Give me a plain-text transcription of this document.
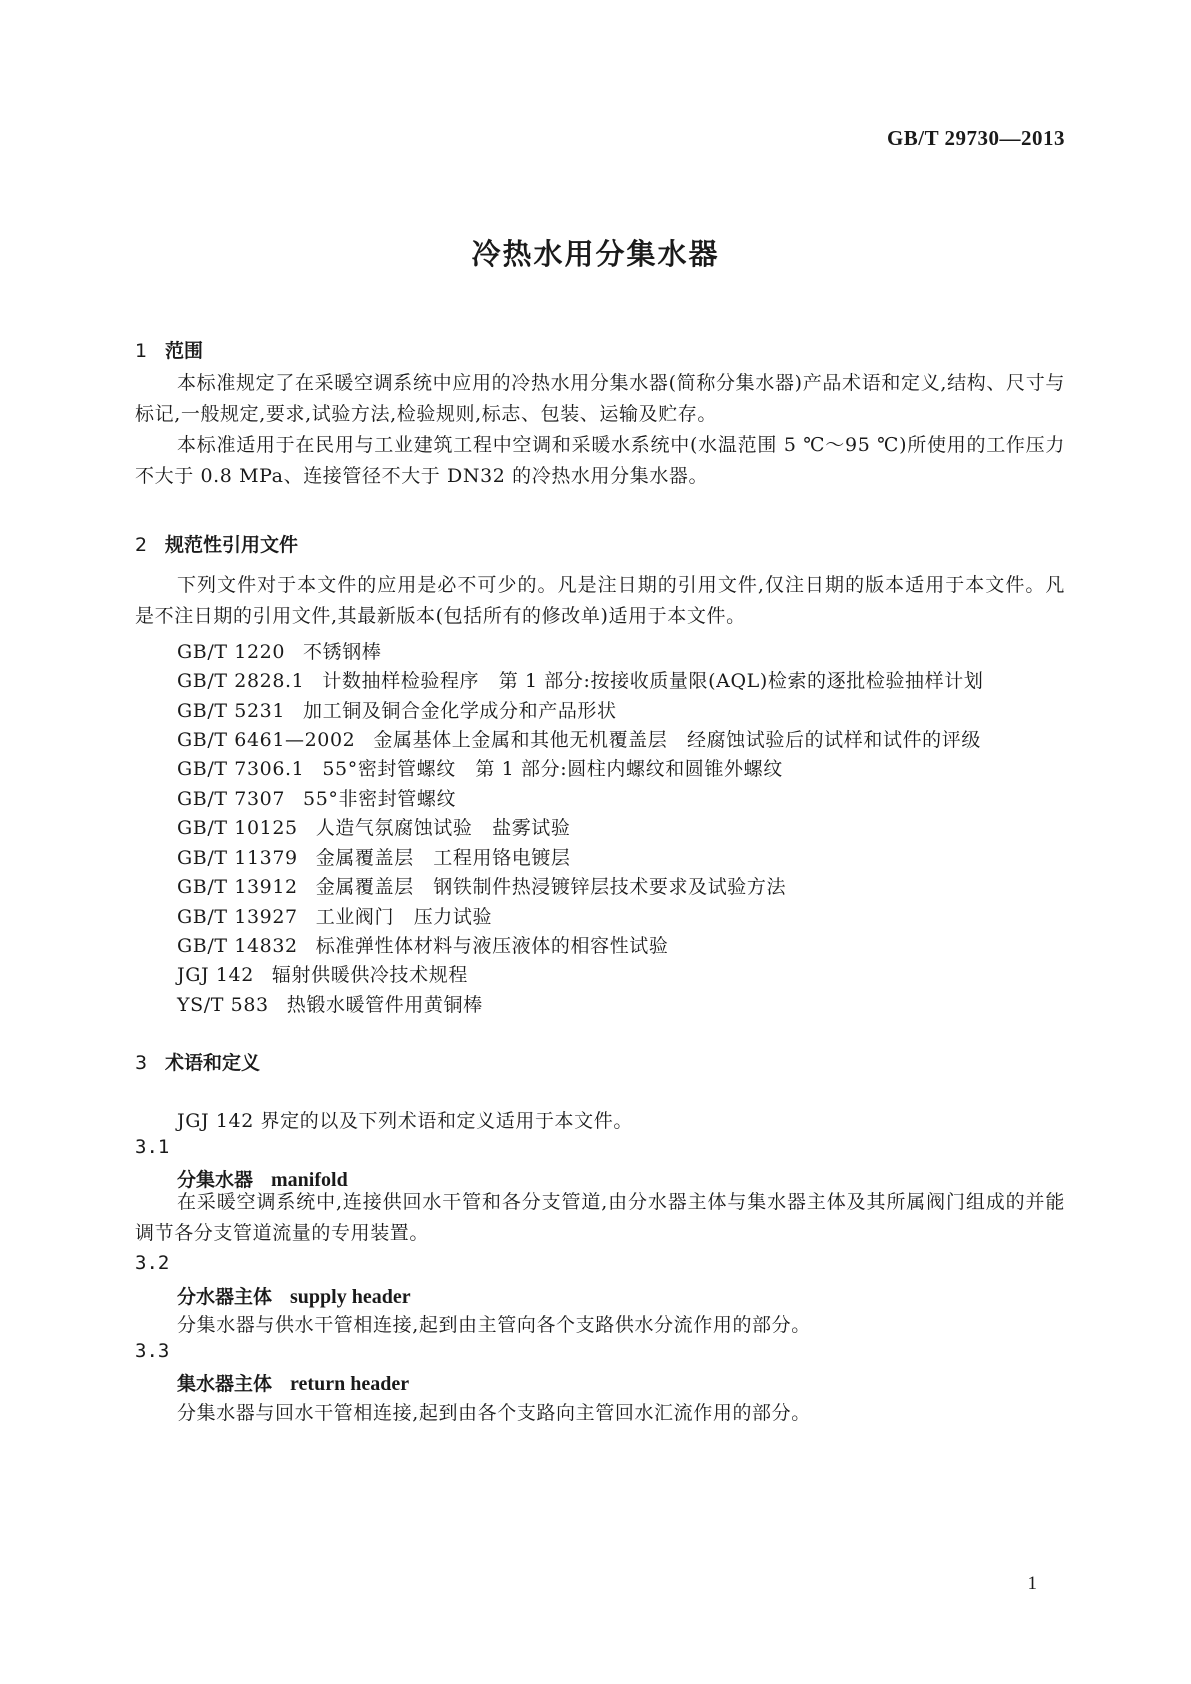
GB/T 29730—2013
冷热水用分集水器
1 范围
本标准规定了在采暖空调系统中应用的冷热水用分集水器(简称分集水器)产品术语和定义,结构、尺寸与标记,一般规定,要求,试验方法,检验规则,标志、包装、运输及贮存。
本标准适用于在民用与工业建筑工程中空调和采暖水系统中(水温范围 5 ℃～95 ℃)所使用的工作压力不大于 0.8 MPa、连接管径不大于 DN32 的冷热水用分集水器。
2 规范性引用文件
下列文件对于本文件的应用是必不可少的。凡是注日期的引用文件,仅注日期的版本适用于本文件。凡是不注日期的引用文件,其最新版本(包括所有的修改单)适用于本文件。
GB/T 1220 不锈钢棒
GB/T 2828.1 计数抽样检验程序　第 1 部分:按接收质量限(AQL)检索的逐批检验抽样计划
GB/T 5231 加工铜及铜合金化学成分和产品形状
GB/T 6461—2002 金属基体上金属和其他无机覆盖层　经腐蚀试验后的试样和试件的评级
GB/T 7306.1 55°密封管螺纹　第 1 部分:圆柱内螺纹和圆锥外螺纹
GB/T 7307 55°非密封管螺纹
GB/T 10125 人造气氛腐蚀试验　盐雾试验
GB/T 11379 金属覆盖层　工程用铬电镀层
GB/T 13912 金属覆盖层　钢铁制件热浸镀锌层技术要求及试验方法
GB/T 13927 工业阀门　压力试验
GB/T 14832 标准弹性体材料与液压液体的相容性试验
JGJ 142 辐射供暖供冷技术规程
YS/T 583 热锻水暖管件用黄铜棒
3 术语和定义
JGJ 142 界定的以及下列术语和定义适用于本文件。
3.1
分集水器 manifold
在采暖空调系统中,连接供回水干管和各分支管道,由分水器主体与集水器主体及其所属阀门组成的并能调节各分支管道流量的专用装置。
3.2
分水器主体 supply header
分集水器与供水干管相连接,起到由主管向各个支路供水分流作用的部分。
3.3
集水器主体 return header
分集水器与回水干管相连接,起到由各个支路向主管回水汇流作用的部分。
1
